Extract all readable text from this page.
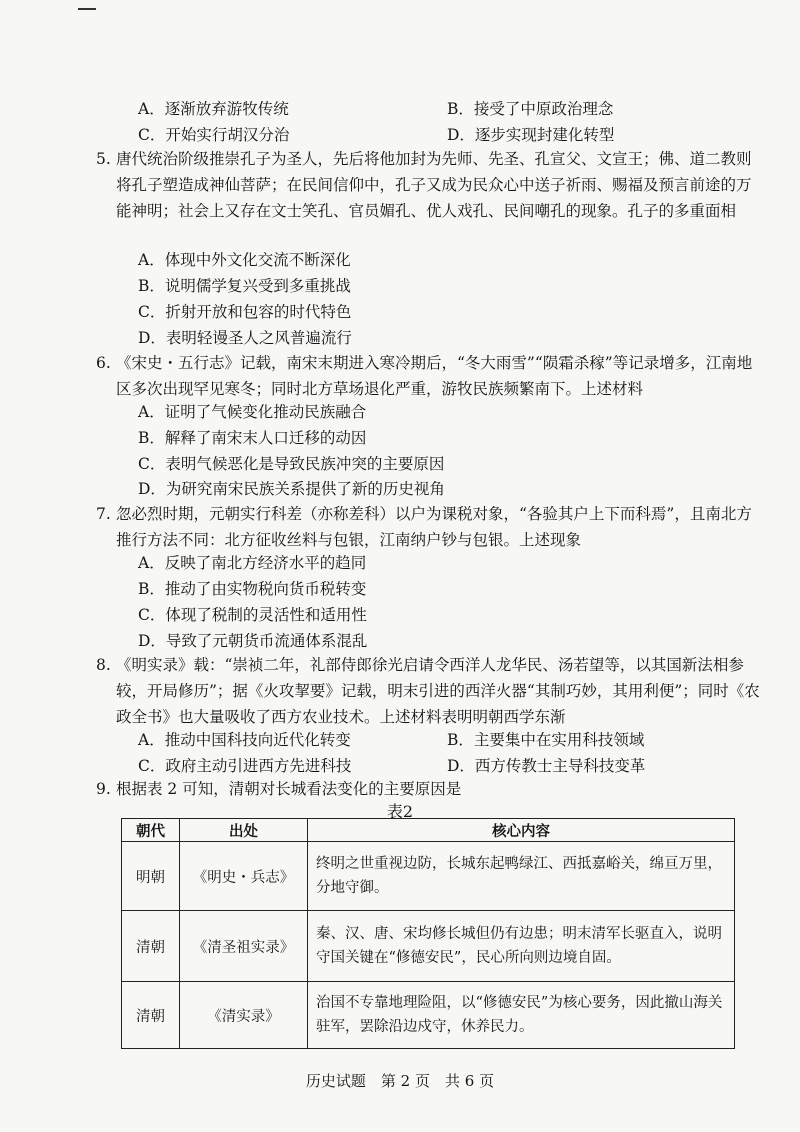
A．逐渐放弃游牧传统	B．接受了中原政治理念
C．开始实行胡汉分治	D．逐步实现封建化转型
5. 唐代统治阶级推崇孔子为圣人，先后将他加封为先师、先圣、孔宣父、文宣王；佛、道二教则将孔子塑造成神仙菩萨；在民间信仰中，孔子又成为民众心中送子祈雨、赐福及预言前途的万能神明；社会上又存在文士笑孔、官员媚孔、优人戏孔、民间嘲孔的现象。孔子的多重面相
A．体现中外文化交流不断深化
B．说明儒学复兴受到多重挑战
C．折射开放和包容的时代特色
D．表明轻谩圣人之风普遍流行
6. 《宋史・五行志》记载，南宋末期进入寒冷期后，“冬大雨雪”“陨霜杀稼”等记录增多，江南地区多次出现罕见寒冬；同时北方草场退化严重，游牧民族频繁南下。上述材料
A．证明了气候变化推动民族融合
B．解释了南宋末人口迁移的动因
C．表明气候恶化是导致民族冲突的主要原因
D．为研究南宋民族关系提供了新的历史视角
7. 忽必烈时期，元朝实行科差（亦称差科）以户为课税对象，“各验其户上下而科焉”，且南北方推行方法不同：北方征收丝料与包银，江南纳户钞与包银。上述现象
A．反映了南北方经济水平的趋同
B．推动了由实物税向货币税转变
C．体现了税制的灵活性和适用性
D．导致了元朝货币流通体系混乱
8. 《明实录》载：“崇祯二年，礼部侍郎徐光启请令西洋人龙华民、汤若望等，以其国新法相参较，开局修历”；据《火攻挈要》记载，明末引进的西洋火器“其制巧妙，其用利便”；同时《农政全书》也大量吸收了西方农业技术。上述材料表明明朝西学东渐
A．推动中国科技向近代化转变	B．主要集中在实用科技领域
C．政府主动引进西方先进科技	D．西方传教士主导科技变革
9. 根据表 2 可知，清朝对长城看法变化的主要原因是
表2
朝代	出处	核心内容
明朝	《明史・兵志》	终明之世重视边防，长城东起鸭绿江、西抵嘉峪关，绵亘万里，分地守御。
清朝	《清圣祖实录》	秦、汉、唐、宋均修长城但仍有边患；明末清军长驱直入，说明守国关键在“修德安民”，民心所向则边境自固。
清朝	《清实录》	治国不专靠地理险阻，以“修德安民”为核心要务，因此撤山海关驻军，罢除沿边戍守，休养民力。
历史试题　第 2 页　共 6 页
